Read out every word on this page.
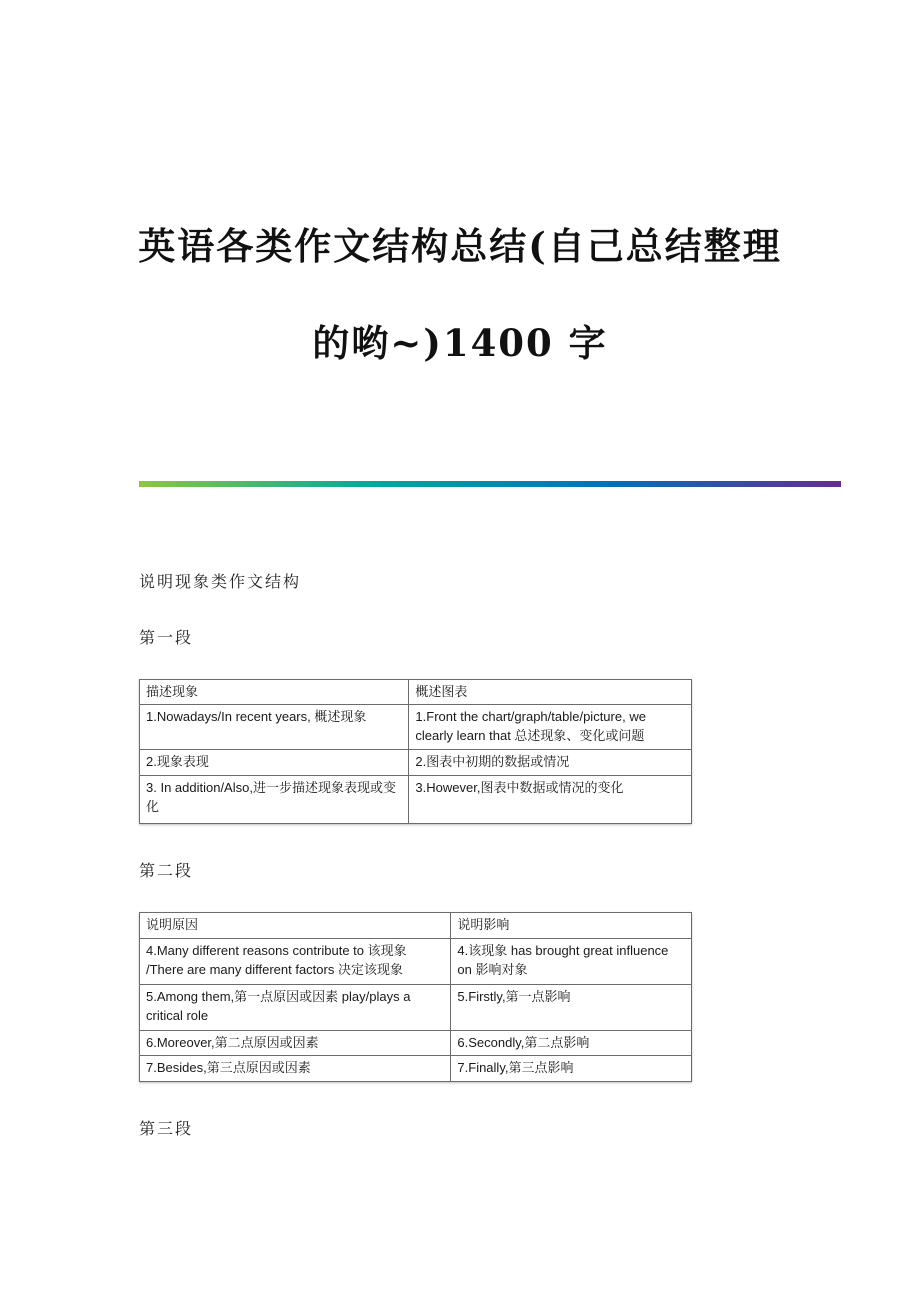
英语各类作文结构总结(自己总结整理
的哟~)1400 字
说明现象类作文结构
第一段
描述现象	概述图表
1.Nowadays/In recent years, 概述现象	1.Front the chart/graph/table/picture, we clearly learn that 总述现象、变化或问题
2.现象表现	2.图表中初期的数据或情况
3. In addition/Also,进一步描述现象表现或变化	3.However,图表中数据或情况的变化
第二段
说明原因	说明影响
4.Many different reasons contribute to 该现象 /There are many different factors 决定该现象	4.该现象 has brought great influence on 影响对象
5.Among them,第一点原因或因素 play/plays a critical role	5.Firstly,第一点影响
6.Moreover,第二点原因或因素	6.Secondly,第二点影响
7.Besides,第三点原因或因素	7.Finally,第三点影响
第三段
